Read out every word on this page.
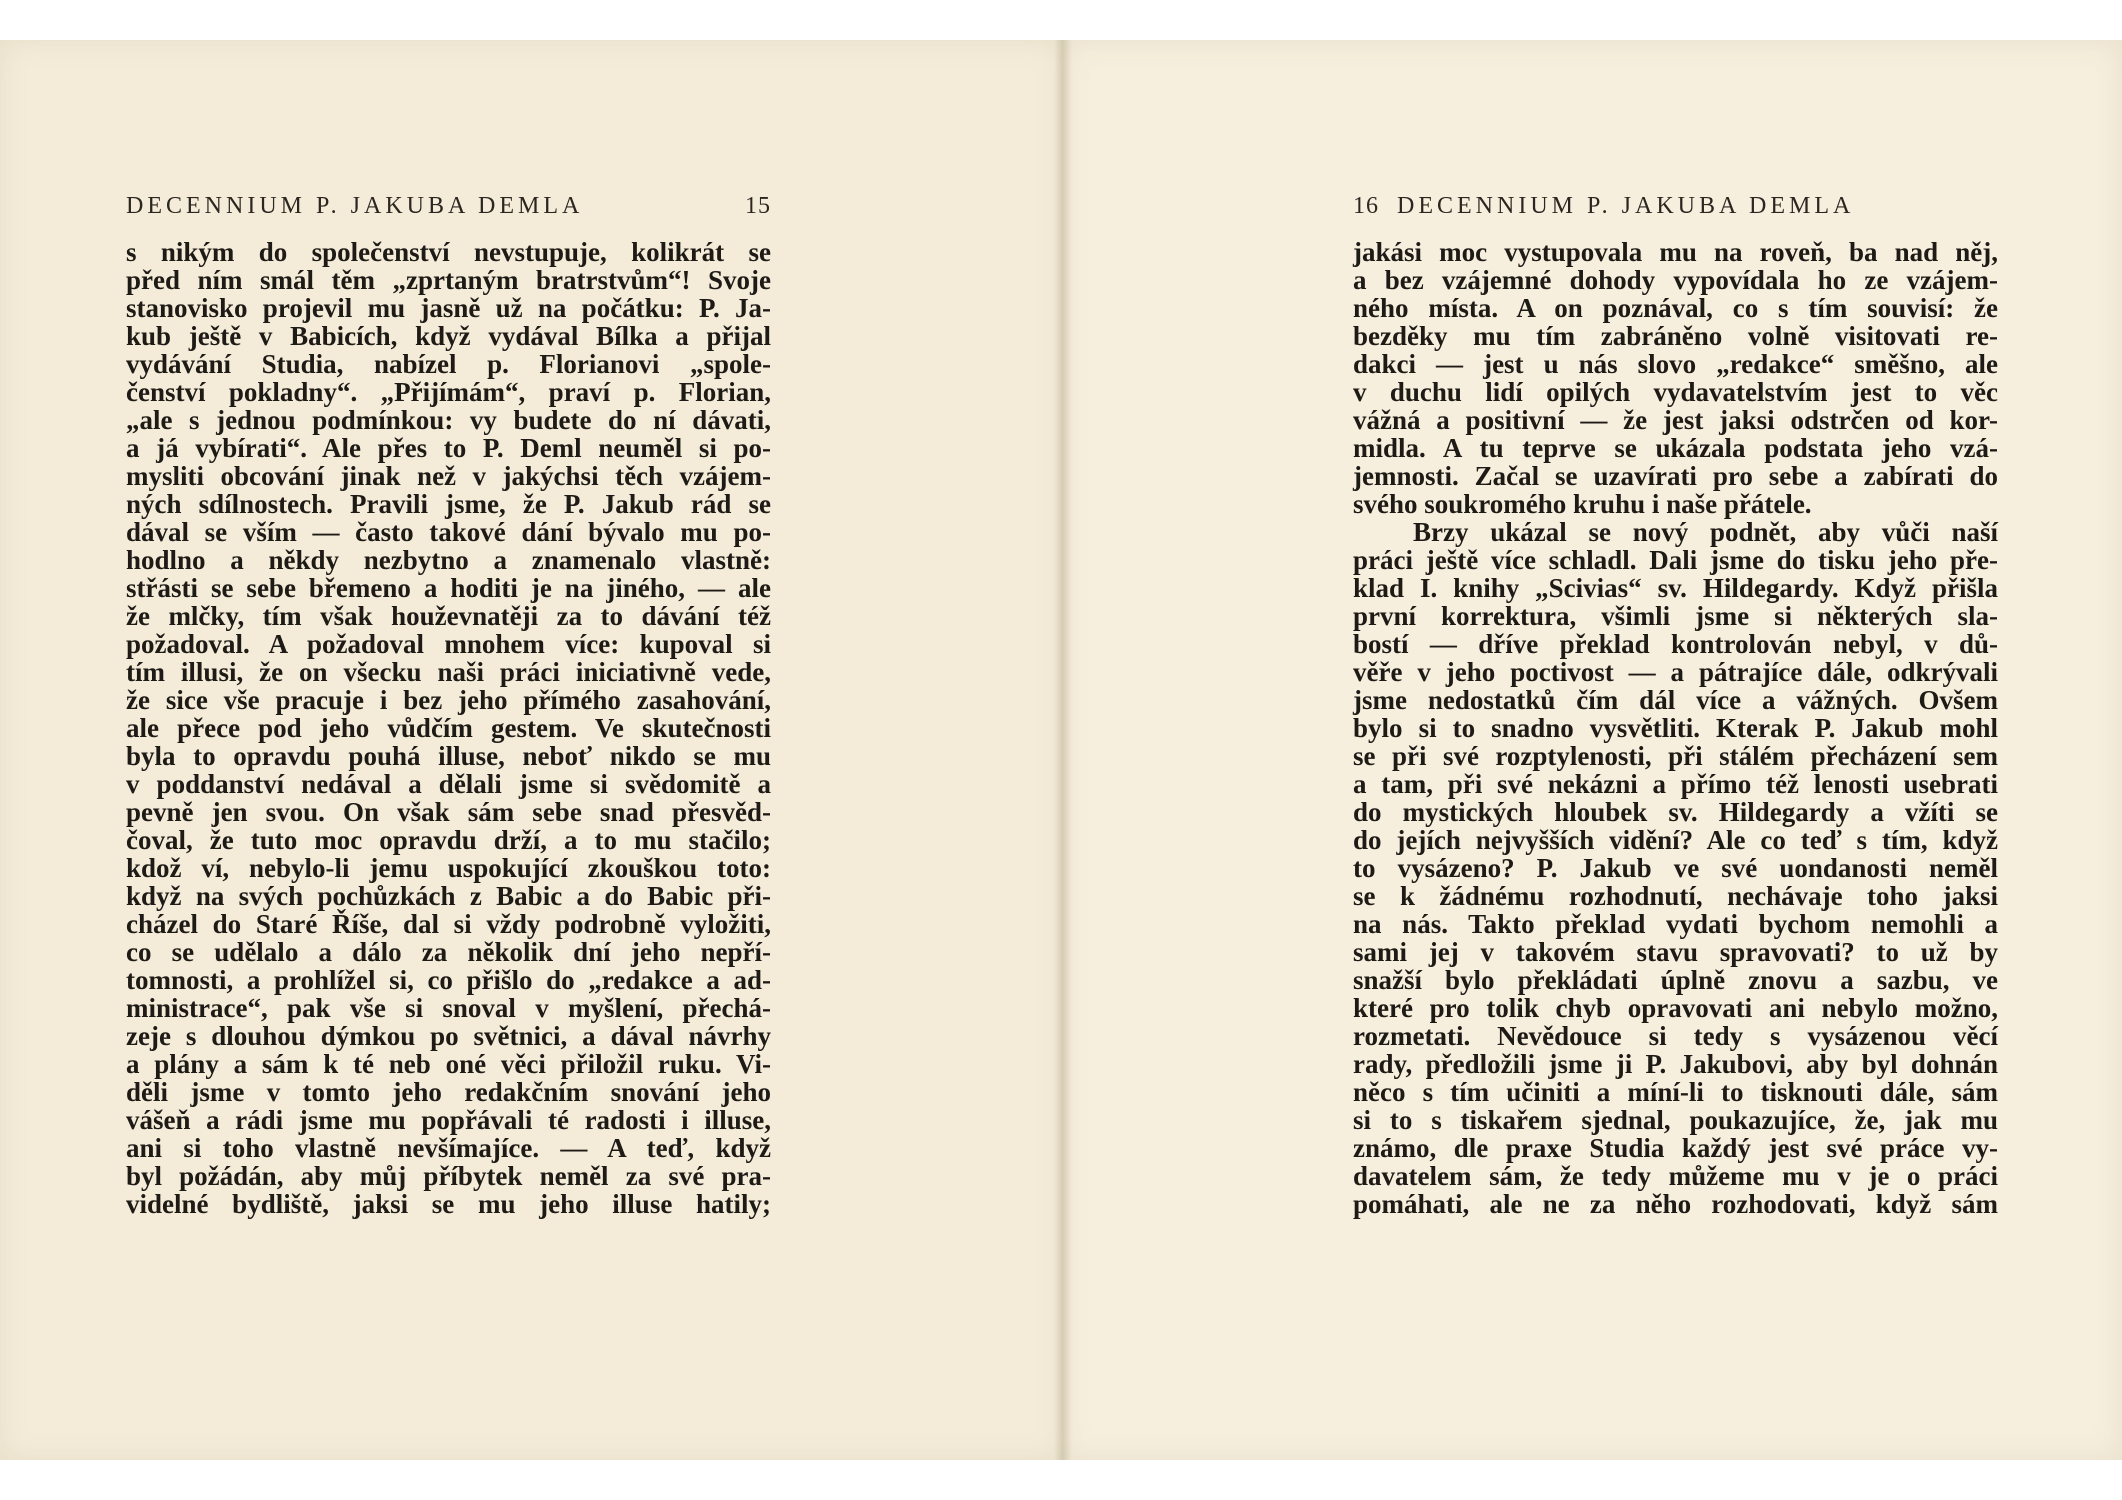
DECENNIUM P. JAKUBA DEMLA	15
s nikým do společenství nevstupuje, kolikrát se
před ním smál těm „zprtaným bratrstvům“! Svoje
stanovisko projevil mu jasně už na počátku: P. Ja-
kub ještě v Babicích, když vydával Bílka a přijal
vydávání Studia, nabízel p. Florianovi „spole-
čenství pokladny“. „Přijímám“, praví p. Florian,
„ale s jednou podmínkou: vy budete do ní dávati,
a já vybírati“. Ale přes to P. Deml neuměl si po-
mysliti obcování jinak než v jakýchsi těch vzájem-
ných sdílnostech. Pravili jsme, že P. Jakub rád se
dával se vším — často takové dání bývalo mu po-
hodlno a někdy nezbytno a znamenalo vlastně:
střásti se sebe břemeno a hoditi je na jiného, — ale
že mlčky, tím však houževnatěji za to dávání též
požadoval. A požadoval mnohem více: kupoval si
tím illusi, že on všecku naši práci iniciativně vede,
že sice vše pracuje i bez jeho přímého zasahování,
ale přece pod jeho vůdčím gestem. Ve skutečnosti
byla to opravdu pouhá illuse, neboť nikdo se mu
v poddanství nedával a dělali jsme si svědomitě a
pevně jen svou. On však sám sebe snad přesvěd-
čoval, že tuto moc opravdu drží, a to mu stačilo;
kdož ví, nebylo-li jemu uspokující zkouškou toto:
když na svých pochůzkách z Babic a do Babic při-
cházel do Staré Říše, dal si vždy podrobně vyložiti,
co se udělalo a dálo za několik dní jeho nepří-
tomnosti, a prohlížel si, co přišlo do „redakce a ad-
ministrace“, pak vše si snoval v myšlení, přechá-
zeje s dlouhou dýmkou po světnici, a dával návrhy
a plány a sám k té neb oné věci přiložil ruku. Vi-
děli jsme v tomto jeho redakčním snování jeho
vášeň a rádi jsme mu popřávali té radosti i illuse,
ani si toho vlastně nevšímajíce. — A teď, když
byl požádán, aby můj příbytek neměl za své pra-
videlné bydliště, jaksi se mu jeho illuse hatily;
16 DECENNIUM P. JAKUBA DEMLA
jakási moc vystupovala mu na roveň, ba nad něj,
a bez vzájemné dohody vypovídala ho ze vzájem-
ného místa. A on poznával, co s tím souvisí: že
bezděky mu tím zabráněno volně visitovati re-
dakci — jest u nás slovo „redakce“ směšno, ale
v duchu lidí opilých vydavatelstvím jest to věc
vážná a positivní — že jest jaksi odstrčen od kor-
midla. A tu teprve se ukázala podstata jeho vzá-
jemnosti. Začal se uzavírati pro sebe a zabírati do
svého soukromého kruhu i naše přátele.
Brzy ukázal se nový podnět, aby vůči naší
práci ještě více schladl. Dali jsme do tisku jeho pře-
klad I. knihy „Scivias“ sv. Hildegardy. Když přišla
první korrektura, všimli jsme si některých sla-
bostí — dříve překlad kontrolován nebyl, v dů-
věře v jeho poctivost — a pátrajíce dále, odkrývali
jsme nedostatků čím dál více a vážných. Ovšem
bylo si to snadno vysvětliti. Kterak P. Jakub mohl
se při své rozptylenosti, při stálém přecházení sem
a tam, při své nekázni a přímo též lenosti usebrati
do mystických hloubek sv. Hildegardy a vžíti se
do jejích nejvyšších vidění? Ale co teď s tím, když
to vysázeno? P. Jakub ve své uondanosti neměl
se k žádnému rozhodnutí, nechávaje toho jaksi
na nás. Takto překlad vydati bychom nemohli a
sami jej v takovém stavu spravovati? to už by
snažší bylo překládati úplně znovu a sazbu, ve
které pro tolik chyb opravovati ani nebylo možno,
rozmetati. Nevědouce si tedy s vysázenou věcí
rady, předložili jsme ji P. Jakubovi, aby byl dohnán
něco s tím učiniti a míní-li to tisknouti dále, sám
si to s tiskařem sjednal, poukazujíce, že, jak mu
známo, dle praxe Studia každý jest své práce vy-
davatelem sám, že tedy můžeme mu v je o práci
pomáhati, ale ne za něho rozhodovati, když sám
